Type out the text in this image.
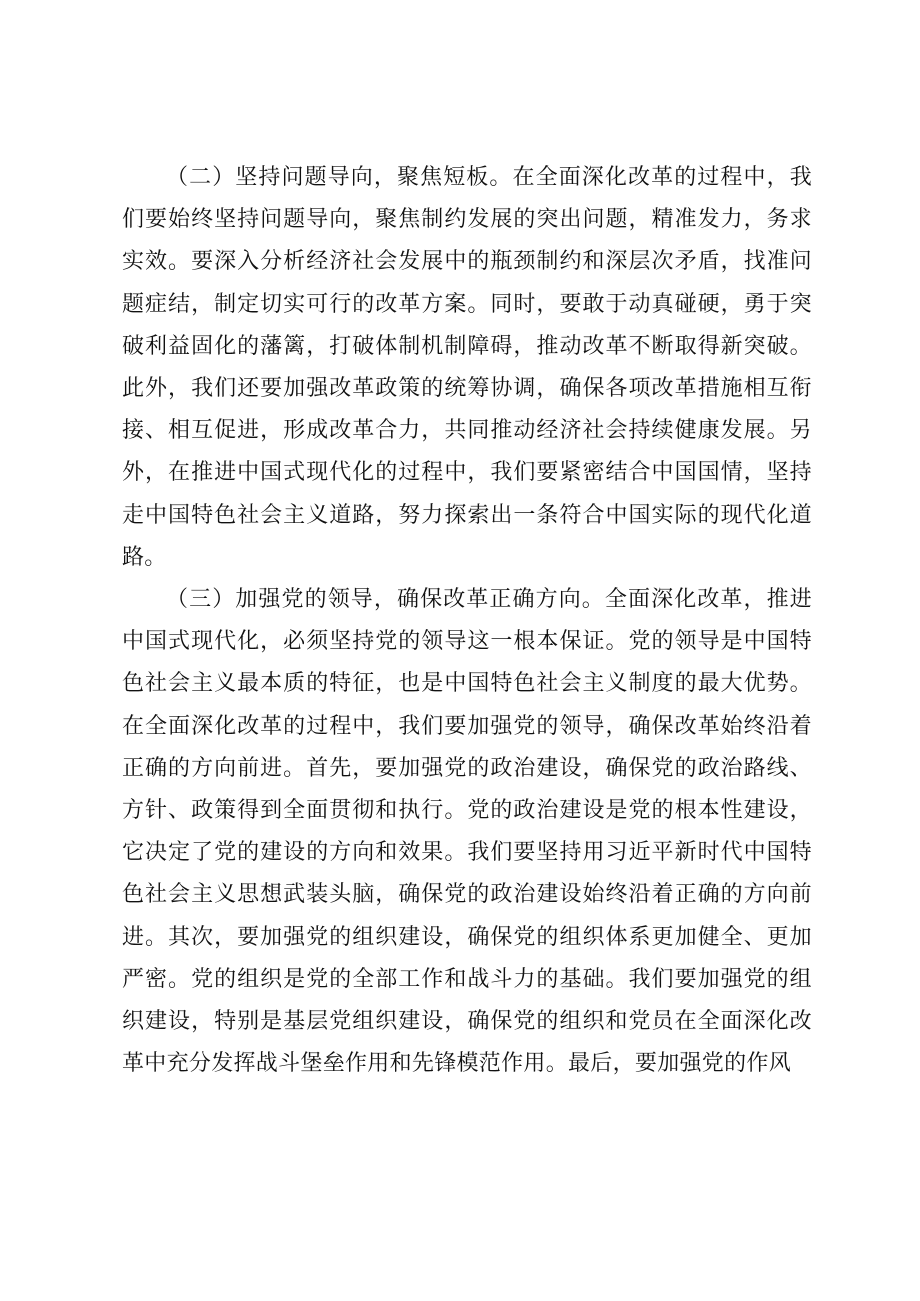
（二）坚持问题导向，聚焦短板。在全面深化改革的过程中，我们要始终坚持问题导向，聚焦制约发展的突出问题，精准发力，务求实效。要深入分析经济社会发展中的瓶颈制约和深层次矛盾，找准问题症结，制定切实可行的改革方案。同时，要敢于动真碰硬，勇于突破利益固化的藩篱，打破体制机制障碍，推动改革不断取得新突破。此外，我们还要加强改革政策的统筹协调，确保各项改革措施相互衔接、相互促进，形成改革合力，共同推动经济社会持续健康发展。另外，在推进中国式现代化的过程中，我们要紧密结合中国国情，坚持走中国特色社会主义道路，努力探索出一条符合中国实际的现代化道路。

（三）加强党的领导，确保改革正确方向。全面深化改革，推进中国式现代化，必须坚持党的领导这一根本保证。党的领导是中国特色社会主义最本质的特征，也是中国特色社会主义制度的最大优势。在全面深化改革的过程中，我们要加强党的领导，确保改革始终沿着正确的方向前进。首先，要加强党的政治建设，确保党的政治路线、方针、政策得到全面贯彻和执行。党的政治建设是党的根本性建设，它决定了党的建设的方向和效果。我们要坚持用习近平新时代中国特色社会主义思想武装头脑，确保党的政治建设始终沿着正确的方向前进。其次，要加强党的组织建设，确保党的组织体系更加健全、更加严密。党的组织是党的全部工作和战斗力的基础。我们要加强党的组织建设，特别是基层党组织建设，确保党的组织和党员在全面深化改革中充分发挥战斗堡垒作用和先锋模范作用。最后，要加强党的作风
